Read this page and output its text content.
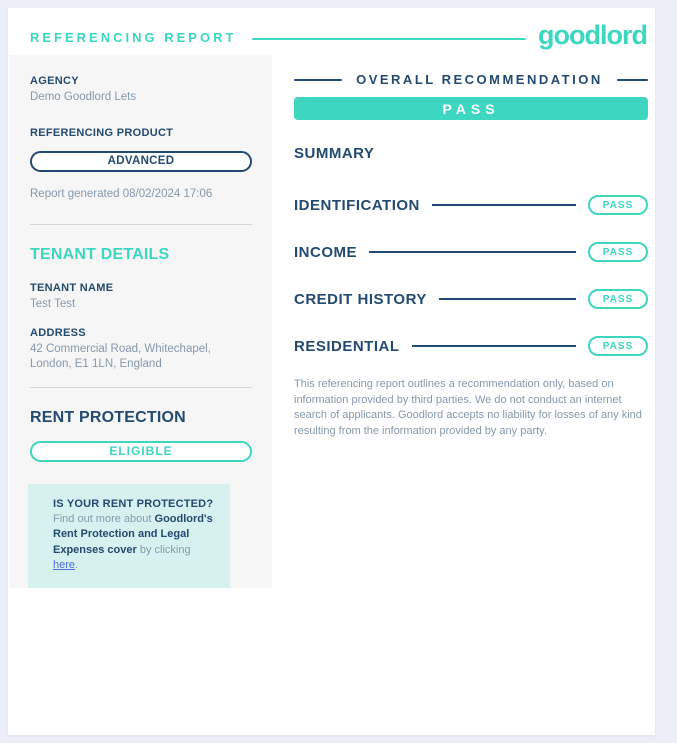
REFERENCING REPORT	goodlord
AGENCY
Demo Goodlord Lets
REFERENCING PRODUCT
ADVANCED
Report generated 08/02/2024 17:06
TENANT DETAILS
TENANT NAME
Test Test
ADDRESS
42 Commercial Road, Whitechapel, London, E1 1LN, England
RENT PROTECTION
ELIGIBLE
IS YOUR RENT PROTECTED?
Find out more about Goodlord's Rent Protection and Legal Expenses cover by clicking here.
OVERALL RECOMMENDATION
PASS
SUMMARY
IDENTIFICATION	PASS
INCOME	PASS
CREDIT HISTORY	PASS
RESIDENTIAL	PASS
This referencing report outlines a recommendation only, based on information provided by third parties. We do not conduct an internet search of applicants. Goodlord accepts no liability for losses of any kind resulting from the information provided by any party.
